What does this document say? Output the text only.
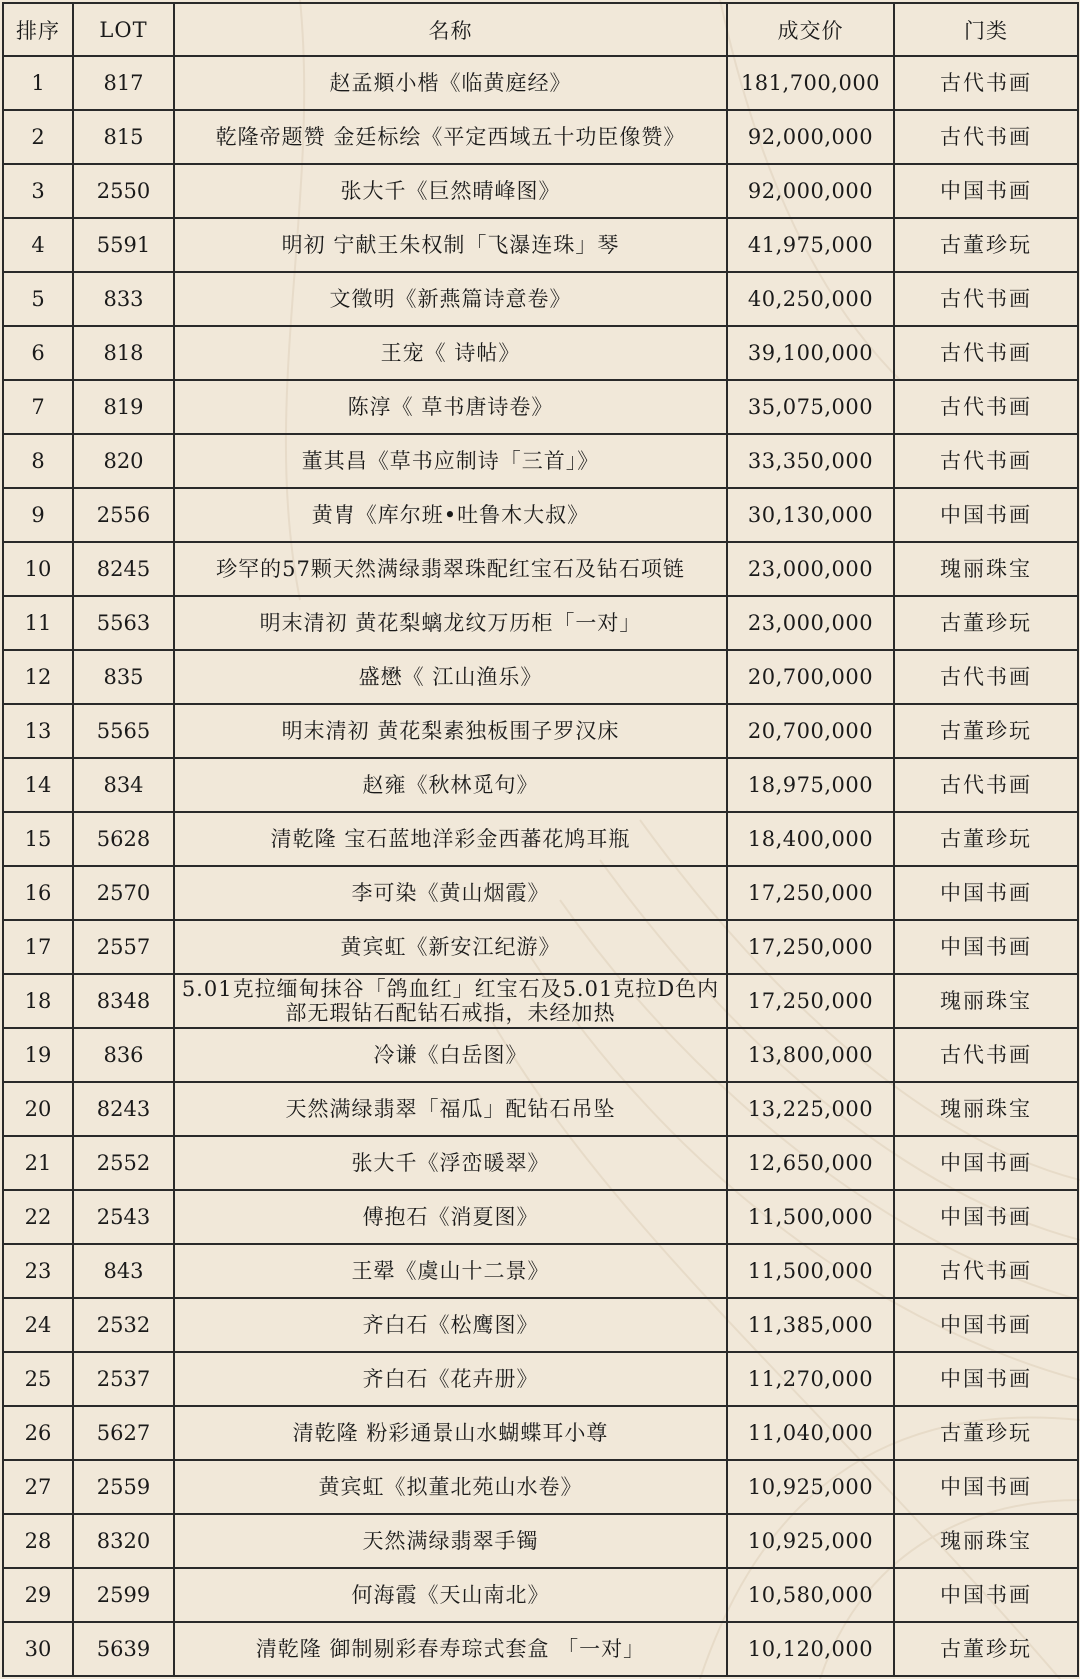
排序	LOT	名称	成交价	门类
1	817	赵孟頫小楷《临黄庭经》	181,700,000	古代书画
2	815	乾隆帝题赞 金廷标绘《平定西域五十功臣像赞》	92,000,000	古代书画
3	2550	张大千《巨然晴峰图》	92,000,000	中国书画
4	5591	明初 宁献王朱权制「飞瀑连珠」琴	41,975,000	古董珍玩
5	833	文徵明《新燕篇诗意卷》	40,250,000	古代书画
6	818	王宠《 诗帖》	39,100,000	古代书画
7	819	陈淳《 草书唐诗卷》	35,075,000	古代书画
8	820	董其昌《草书应制诗「三首」》	33,350,000	古代书画
9	2556	黄胄《库尔班•吐鲁木大叔》	30,130,000	中国书画
10	8245	珍罕的57颗天然满绿翡翠珠配红宝石及钻石项链	23,000,000	瑰丽珠宝
11	5563	明末清初 黄花梨螭龙纹万历柜「一对」	23,000,000	古董珍玩
12	835	盛懋《 江山渔乐》	20,700,000	古代书画
13	5565	明末清初 黄花梨素独板围子罗汉床	20,700,000	古董珍玩
14	834	赵雍《秋林觅句》	18,975,000	古代书画
15	5628	清乾隆 宝石蓝地洋彩金西蕃花鸠耳瓶	18,400,000	古董珍玩
16	2570	李可染《黄山烟霞》	17,250,000	中国书画
17	2557	黄宾虹《新安江纪游》	17,250,000	中国书画
18	8348	5.01克拉缅甸抹谷「鸽血红」红宝石及5.01克拉D色内部无瑕钻石配钻石戒指，未经加热	17,250,000	瑰丽珠宝
19	836	冷谦《白岳图》	13,800,000	古代书画
20	8243	天然满绿翡翠「福瓜」配钻石吊坠	13,225,000	瑰丽珠宝
21	2552	张大千《浮峦暖翠》	12,650,000	中国书画
22	2543	傅抱石《消夏图》	11,500,000	中国书画
23	843	王翚《虞山十二景》	11,500,000	古代书画
24	2532	齐白石《松鹰图》	11,385,000	中国书画
25	2537	齐白石《花卉册》	11,270,000	中国书画
26	5627	清乾隆 粉彩通景山水蝴蝶耳小尊	11,040,000	古董珍玩
27	2559	黄宾虹《拟董北苑山水卷》	10,925,000	中国书画
28	8320	天然满绿翡翠手镯	10,925,000	瑰丽珠宝
29	2599	何海霞《天山南北》	10,580,000	中国书画
30	5639	清乾隆 御制剔彩春寿琮式套盒 「一对」	10,120,000	古董珍玩
